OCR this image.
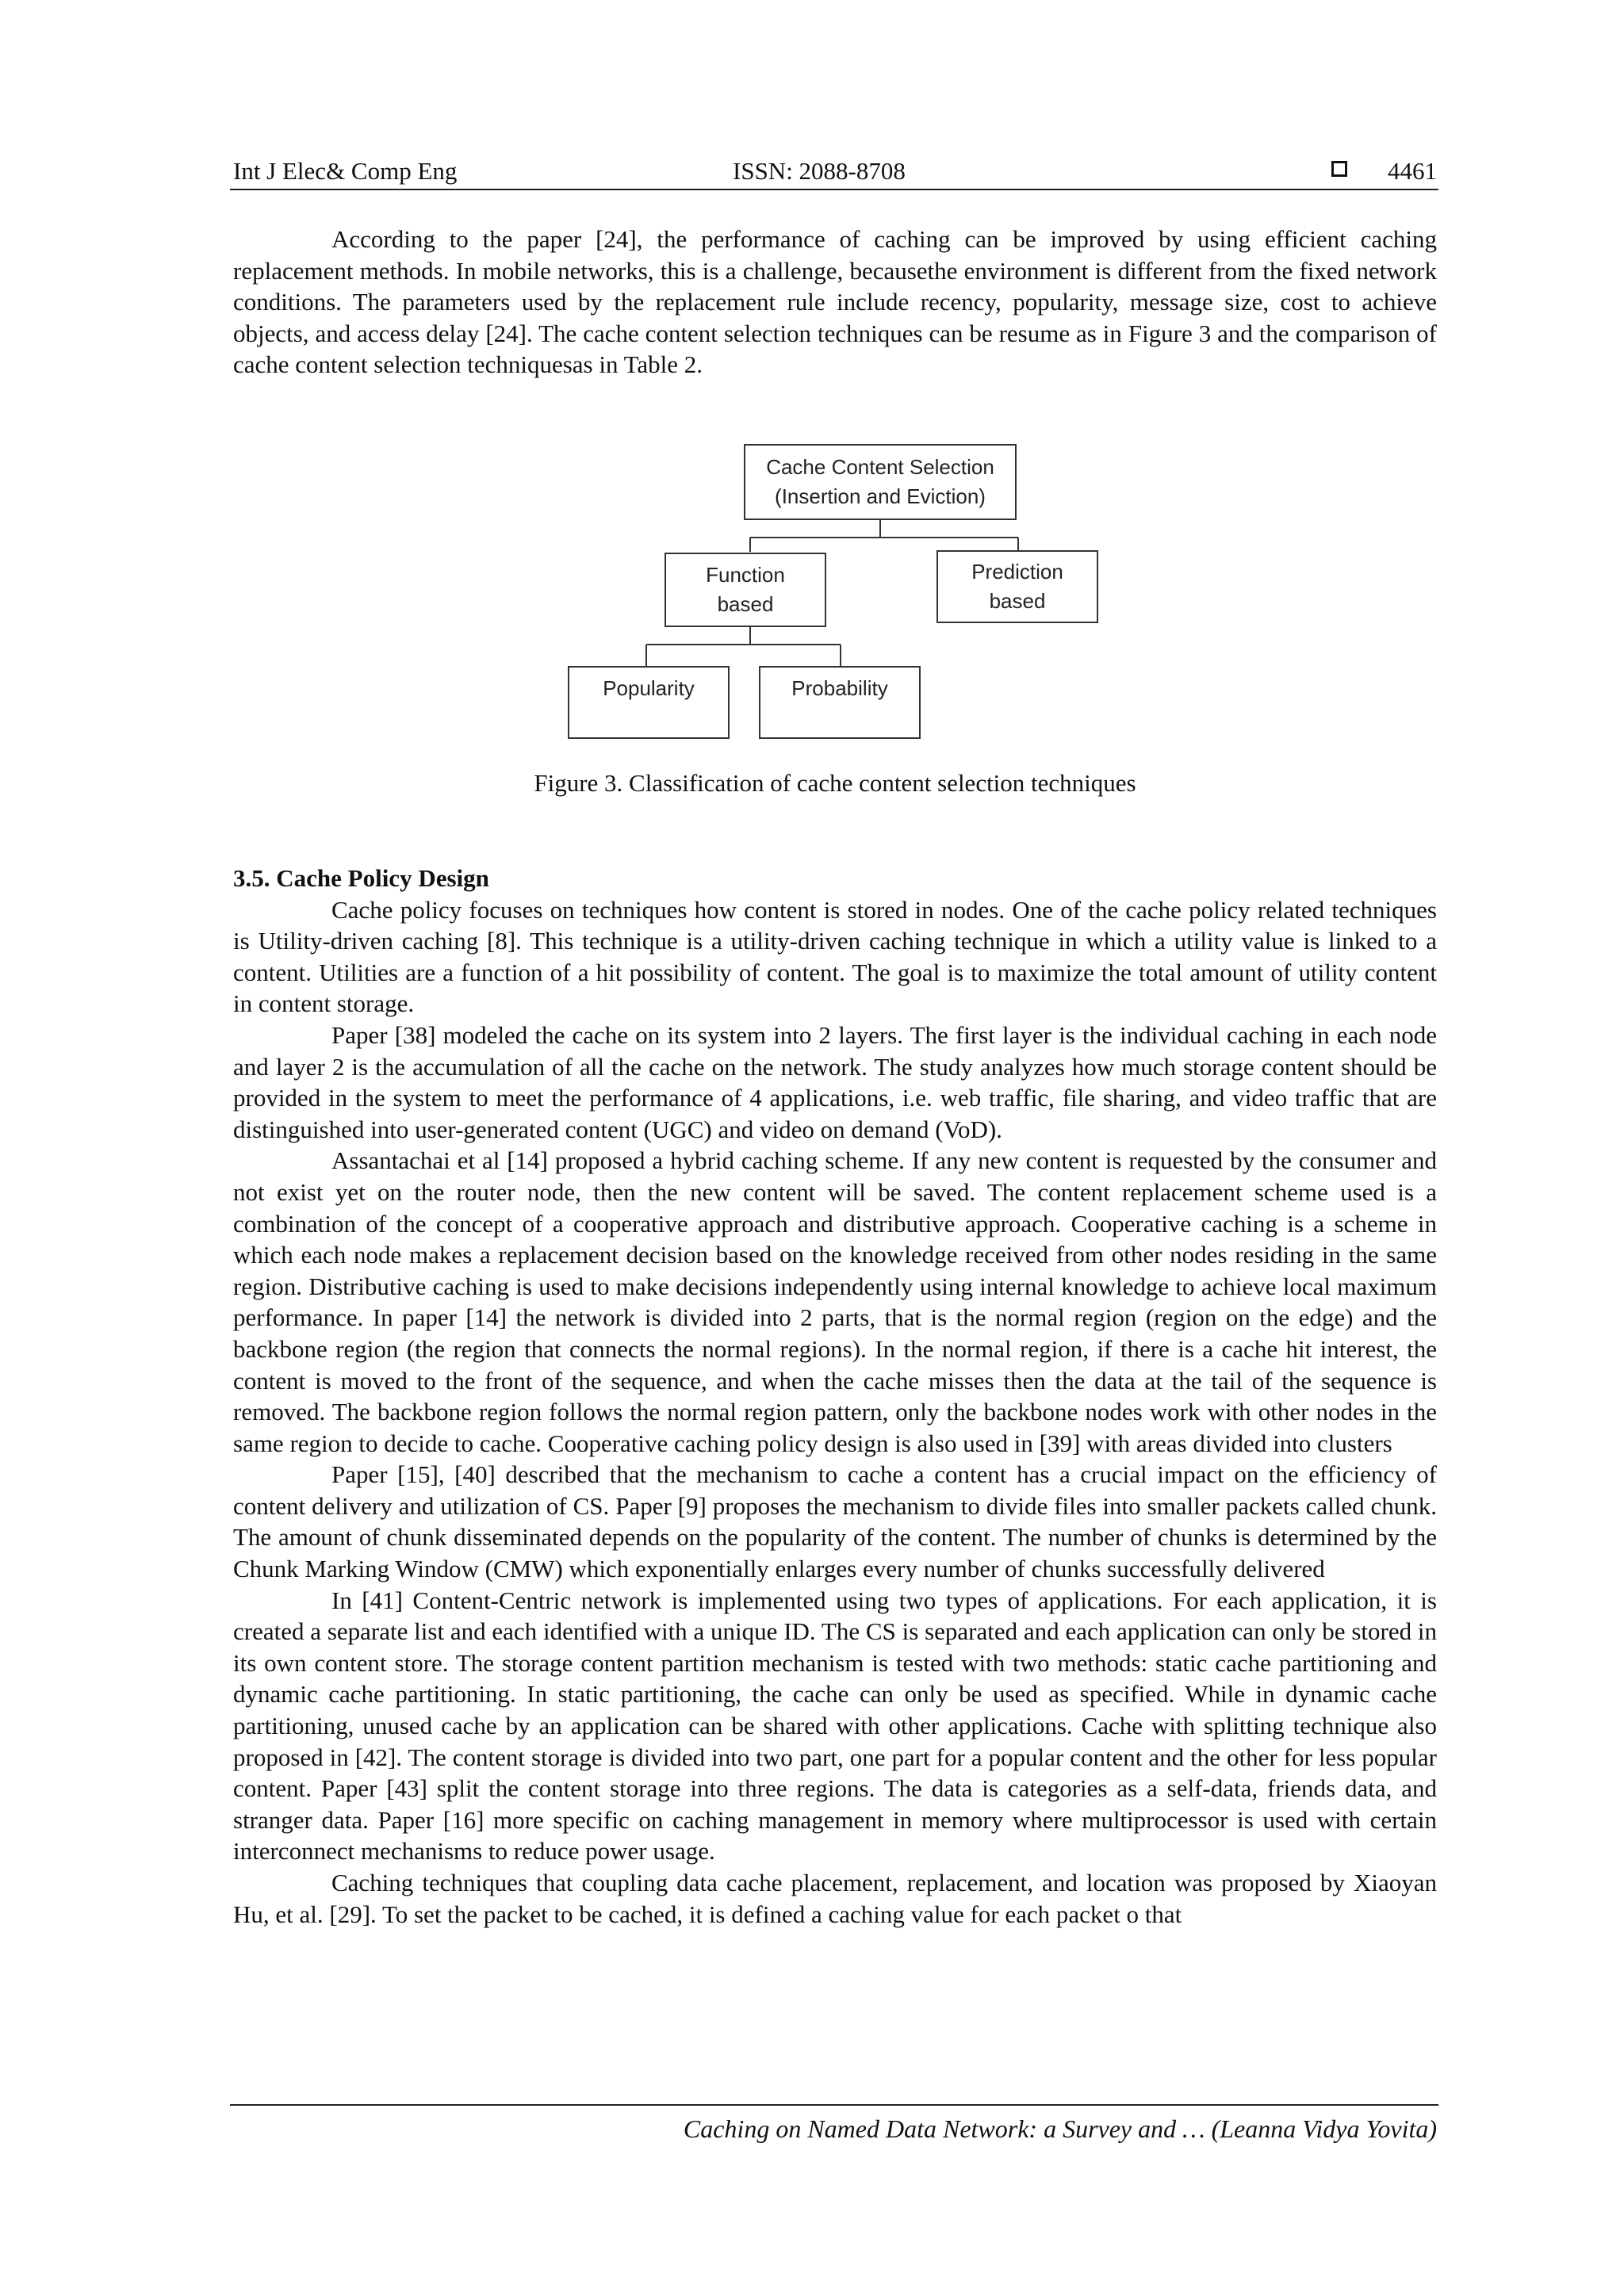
Int J Elec& Comp Eng	ISSN: 2088-8708	4461

According to the paper [24], the performance of caching can be improved by using efficient caching replacement methods. In mobile networks, this is a challenge, becausethe environment is different from the fixed network conditions. The parameters used by the replacement rule include recency, popularity, message size, cost to achieve objects, and access delay [24]. The cache content selection techniques can be resume as in Figure 3 and the comparison of cache content selection techniquesas in Table 2.

Cache Content Selection
(Insertion and Eviction)
Function
based
Prediction
based
Popularity	Probability
Figure 3. Classification of cache content selection techniques
3.5. Cache Policy Design

Cache policy focuses on techniques how content is stored in nodes. One of the cache policy related techniques is Utility-driven caching [8]. This technique is a utility-driven caching technique in which a utility value is linked to a content. Utilities are a function of a hit possibility of content. The goal is to maximize the total amount of utility content in content storage.

Paper [38] modeled the cache on its system into 2 layers. The first layer is the individual caching in each node and layer 2 is the accumulation of all the cache on the network. The study analyzes how much storage content should be provided in the system to meet the performance of 4 applications, i.e. web traffic, file sharing, and video traffic that are distinguished into user-generated content (UGC) and video on demand (VoD).

Assantachai et al [14] proposed a hybrid caching scheme. If any new content is requested by the consumer and not exist yet on the router node, then the new content will be saved. The content replacement scheme used is a combination of the concept of a cooperative approach and distributive approach. Cooperative caching is a scheme in which each node makes a replacement decision based on the knowledge received from other nodes residing in the same region. Distributive caching is used to make decisions independently using internal knowledge to achieve local maximum performance. In paper [14] the network is divided into 2 parts, that is the normal region (region on the edge) and the backbone region (the region that connects the normal regions). In the normal region, if there is a cache hit interest, the content is moved to the front of the sequence, and when the cache misses then the data at the tail of the sequence is removed. The backbone region follows the normal region pattern, only the backbone nodes work with other nodes in the same region to decide to cache. Cooperative caching policy design is also used in [39] with areas divided into clusters

Paper [15], [40] described that the mechanism to cache a content has a crucial impact on the efficiency of content delivery and utilization of CS. Paper [9] proposes the mechanism to divide files into smaller packets called chunk. The amount of chunk disseminated depends on the popularity of the content. The number of chunks is determined by the Chunk Marking Window (CMW) which exponentially enlarges every number of chunks successfully delivered

In [41] Content-Centric network is implemented using two types of applications. For each application, it is created a separate list and each identified with a unique ID. The CS is separated and each application can only be stored in its own content store. The storage content partition mechanism is tested with two methods: static cache partitioning and dynamic cache partitioning. In static partitioning, the cache can only be used as specified. While in dynamic cache partitioning, unused cache by an application can be shared with other applications. Cache with splitting technique also proposed in [42]. The content storage is divided into two part, one part for a popular content and the other for less popular content. Paper [43] split the content storage into three regions. The data is categories as a self-data, friends data, and stranger data. Paper [16] more specific on caching management in memory where multiprocessor is used with certain interconnect mechanisms to reduce power usage.

Caching techniques that coupling data cache placement, replacement, and location was proposed by Xiaoyan Hu, et al. [29]. To set the packet to be cached, it is defined a caching value for each packet o that

Caching on Named Data Network: a Survey and … (Leanna Vidya Yovita)
